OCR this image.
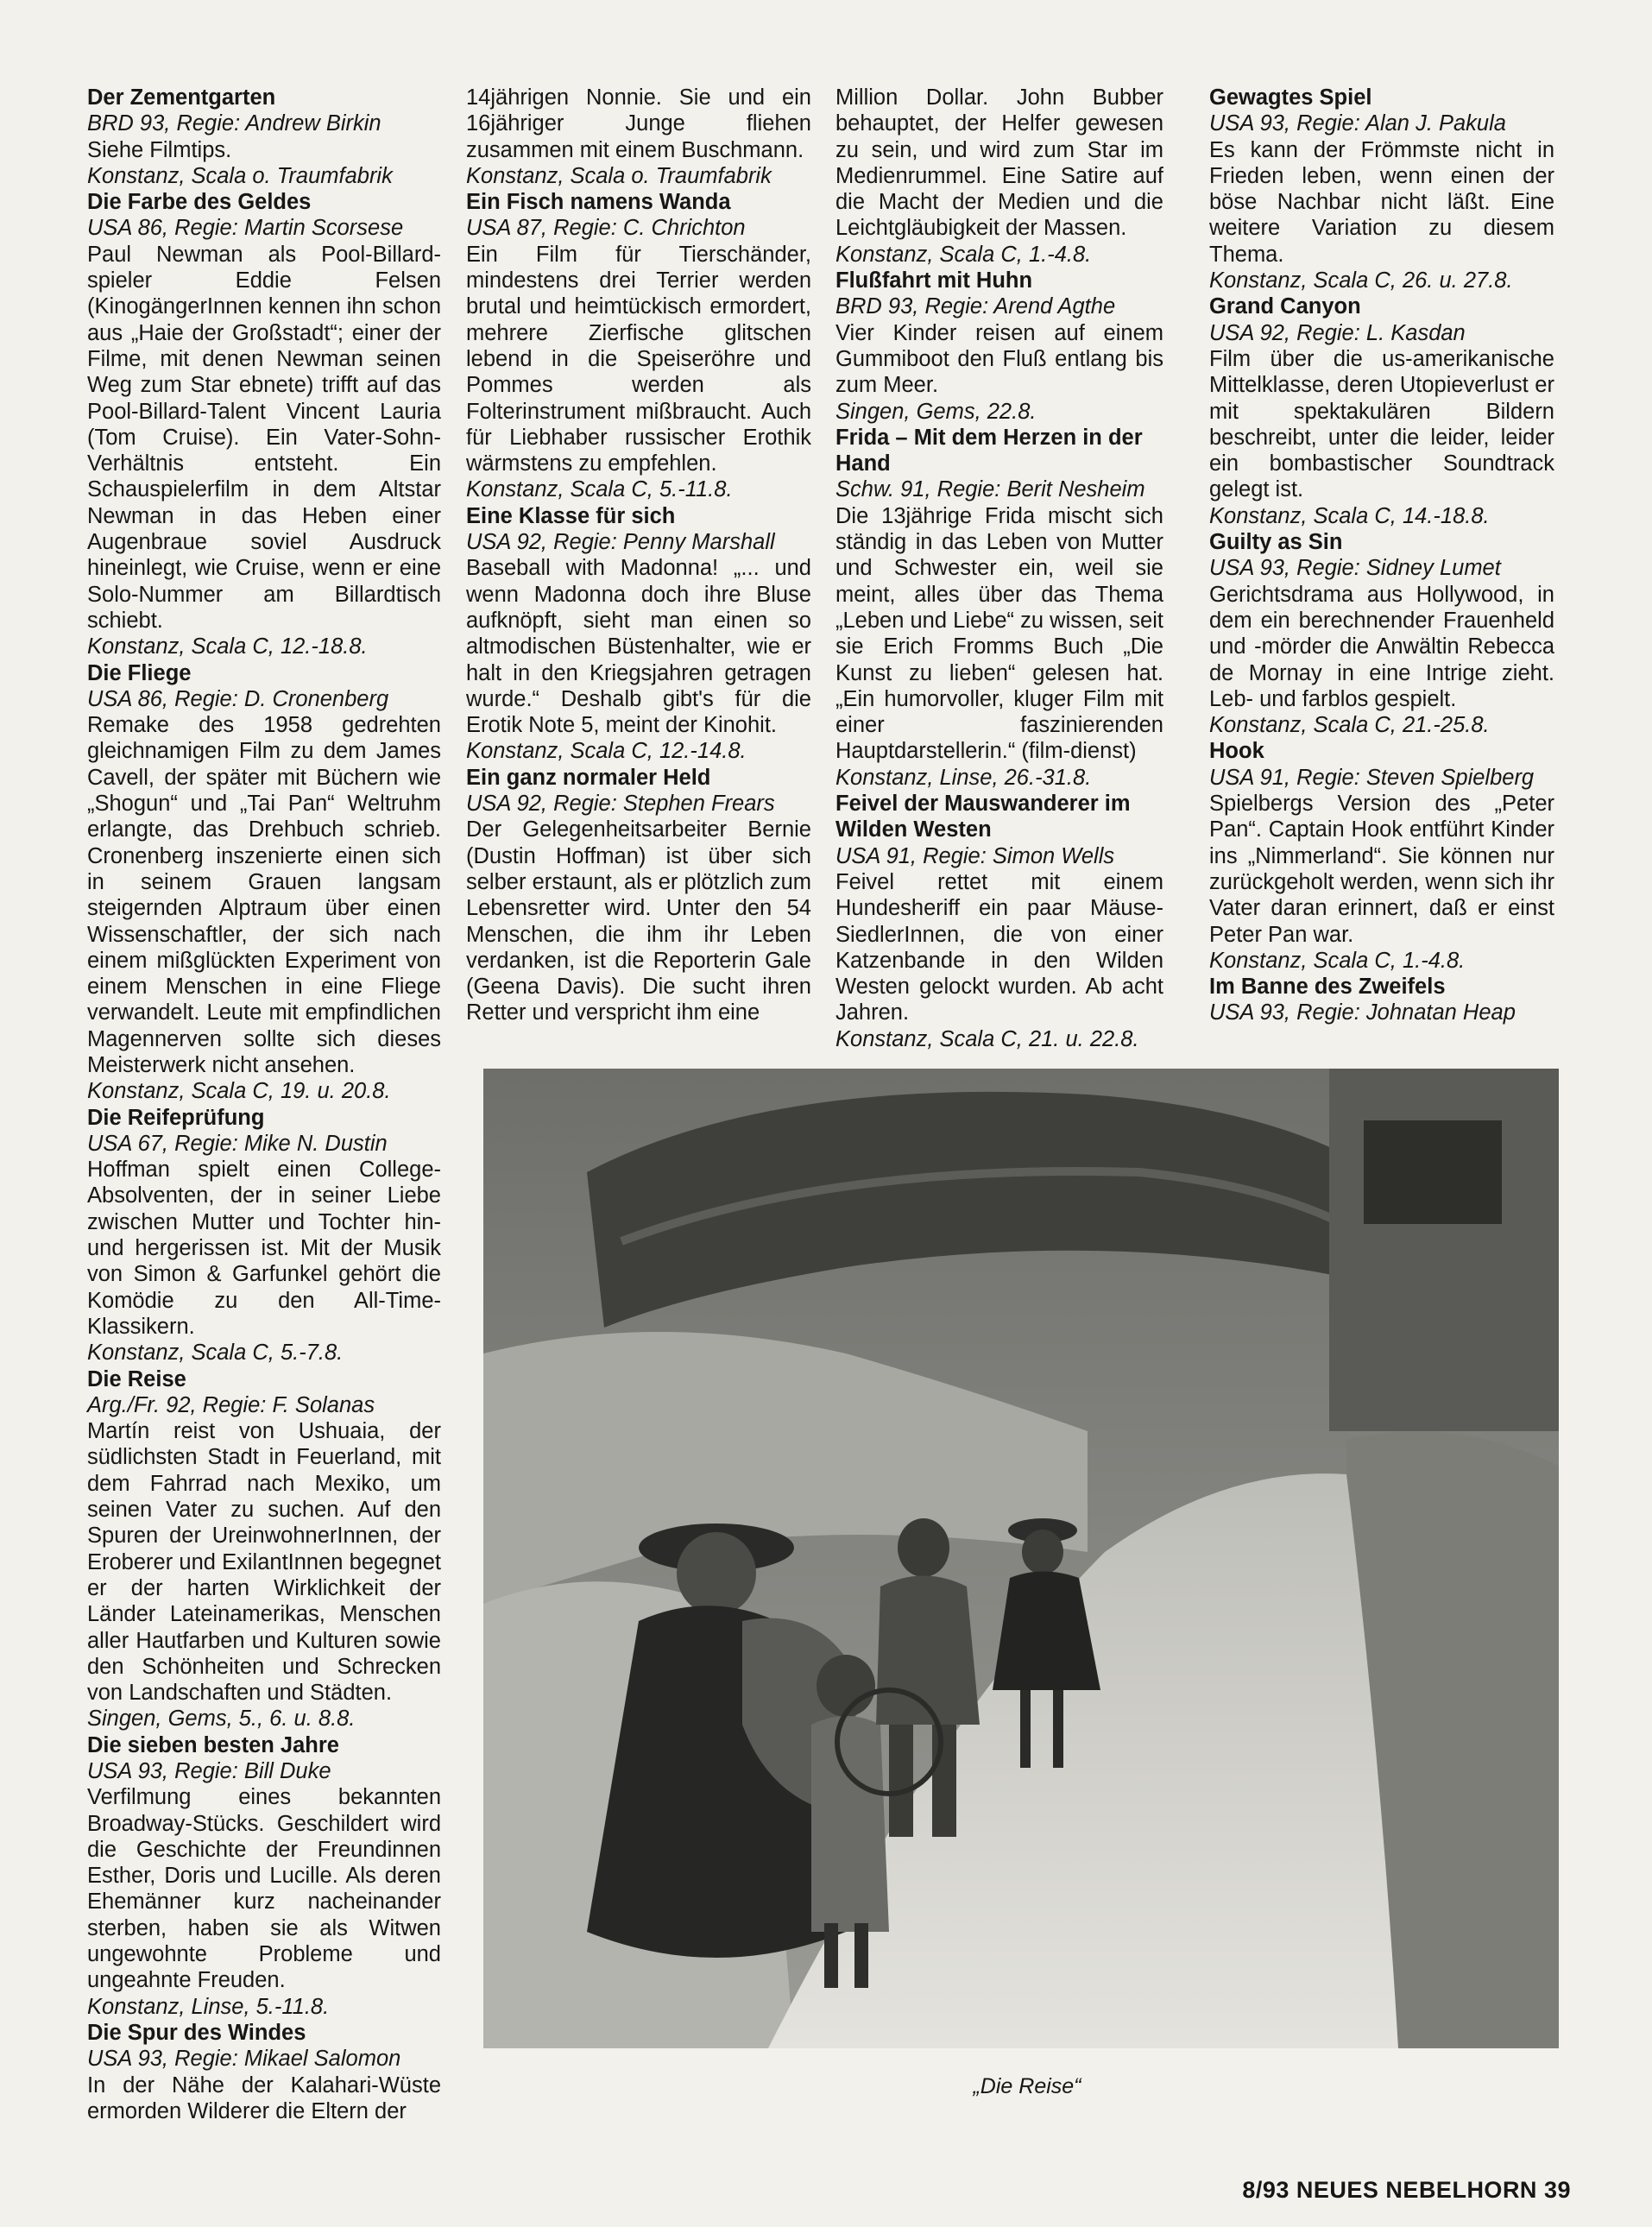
Der Zementgarten
BRD 93, Regie: Andrew Birkin
Siehe Filmtips.
Konstanz, Scala o. Traumfabrik
Die Farbe des Geldes
USA 86, Regie: Martin Scorsese
Paul Newman als Pool-Billard-spieler Eddie Felsen (KinogängerInnen kennen ihn schon aus „Haie der Großstadt“; einer der Filme, mit denen Newman seinen Weg zum Star ebnete) trifft auf das Pool-Billard-Talent Vincent Lauria (Tom Cruise). Ein Vater-Sohn-Verhältnis entsteht. Ein Schauspielerfilm in dem Altstar Newman in das Heben einer Augenbraue soviel Ausdruck hineinlegt, wie Cruise, wenn er eine Solo-Nummer am Billardtisch schiebt.
Konstanz, Scala C, 12.-18.8.
Die Fliege
USA 86, Regie: D. Cronenberg
Remake des 1958 gedrehten gleichnamigen Film zu dem James Cavell, der später mit Büchern wie „Shogun“ und „Tai Pan“ Weltruhm erlangte, das Drehbuch schrieb. Cronenberg inszenierte einen sich in seinem Grauen langsam steigernden Alptraum über einen Wissenschaftler, der sich nach einem mißglückten Experiment von einem Menschen in eine Fliege verwandelt. Leute mit empfindlichen Magennerven sollte sich dieses Meisterwerk nicht ansehen.
Konstanz, Scala C, 19. u. 20.8.
Die Reifeprüfung
USA 67, Regie: Mike N. Dustin
Hoffman spielt einen College-Absolventen, der in seiner Liebe zwischen Mutter und Tochter hin- und hergerissen ist. Mit der Musik von Simon & Garfunkel gehört die Komödie zu den All-Time-Klassikern.
Konstanz, Scala C, 5.-7.8.
Die Reise
Arg./Fr. 92, Regie: F. Solanas
Martín reist von Ushuaia, der südlichsten Stadt in Feuerland, mit dem Fahrrad nach Mexiko, um seinen Vater zu suchen. Auf den Spuren der UreinwohnerInnen, der Eroberer und ExilantInnen begegnet er der harten Wirklichkeit der Länder Lateinamerikas, Menschen aller Hautfarben und Kulturen sowie den Schönheiten und Schrecken von Landschaften und Städten.
Singen, Gems, 5., 6. u. 8.8.
Die sieben besten Jahre
USA 93, Regie: Bill Duke
Verfilmung eines bekannten Broadway-Stücks. Geschildert wird die Geschichte der Freundinnen Esther, Doris und Lucille. Als deren Ehemänner kurz nacheinander sterben, haben sie als Witwen ungewohnte Probleme und ungeahnte Freuden.
Konstanz, Linse, 5.-11.8.
Die Spur des Windes
USA 93, Regie: Mikael Salomon
In der Nähe der Kalahari-Wüste ermorden Wilderer die Eltern der
14jährigen Nonnie. Sie und ein 16jähriger Junge fliehen zusammen mit einem Buschmann.
Konstanz, Scala o. Traumfabrik
Ein Fisch namens Wanda
USA 87, Regie: C. Chrichton
Ein Film für Tierschänder, mindestens drei Terrier werden brutal und heimtückisch ermordert, mehrere Zierfische glitschen lebend in die Speiseröhre und Pommes werden als Folterinstrument mißbraucht. Auch für Liebhaber russischer Erothik wärmstens zu empfehlen.
Konstanz, Scala C, 5.-11.8.
Eine Klasse für sich
USA 92, Regie: Penny Marshall
Baseball with Madonna! „... und wenn Madonna doch ihre Bluse aufknöpft, sieht man einen so altmodischen Büstenhalter, wie er halt in den Kriegsjahren getragen wurde.“ Deshalb gibt's für die Erotik Note 5, meint der Kinohit.
Konstanz, Scala C, 12.-14.8.
Ein ganz normaler Held
USA 92, Regie: Stephen Frears
Der Gelegenheitsarbeiter Bernie (Dustin Hoffman) ist über sich selber erstaunt, als er plötzlich zum Lebensretter wird. Unter den 54 Menschen, die ihm ihr Leben verdanken, ist die Reporterin Gale (Geena Davis). Die sucht ihren Retter und verspricht ihm eine
Million Dollar. John Bubber behauptet, der Helfer gewesen zu sein, und wird zum Star im Medienrummel. Eine Satire auf die Macht der Medien und die Leichtgläubigkeit der Massen.
Konstanz, Scala C, 1.-4.8.
Flußfahrt mit Huhn
BRD 93, Regie: Arend Agthe
Vier Kinder reisen auf einem Gummiboot den Fluß entlang bis zum Meer.
Singen, Gems, 22.8.
Frida – Mit dem Herzen in der Hand
Schw. 91, Regie: Berit Nesheim
Die 13jährige Frida mischt sich ständig in das Leben von Mutter und Schwester ein, weil sie meint, alles über das Thema „Leben und Liebe“ zu wissen, seit sie Erich Fromms Buch „Die Kunst zu lieben“ gelesen hat. „Ein humorvoller, kluger Film mit einer faszinierenden Hauptdarstellerin.“ (film-dienst)
Konstanz, Linse, 26.-31.8.
Feivel der Mauswanderer im Wilden Westen
USA 91, Regie: Simon Wells
Feivel rettet mit einem Hundesheriff ein paar Mäuse-SiedlerInnen, die von einer Katzenbande in den Wilden Westen gelockt wurden. Ab acht Jahren.
Konstanz, Scala C, 21. u. 22.8.
Gewagtes Spiel
USA 93, Regie: Alan J. Pakula
Es kann der Frömmste nicht in Frieden leben, wenn einen der böse Nachbar nicht läßt. Eine weitere Variation zu diesem Thema.
Konstanz, Scala C, 26. u. 27.8.
Grand Canyon
USA 92, Regie: L. Kasdan
Film über die us-amerikanische Mittelklasse, deren Utopieverlust er mit spektakulären Bildern beschreibt, unter die leider, leider ein bombastischer Soundtrack gelegt ist.
Konstanz, Scala C, 14.-18.8.
Guilty as Sin
USA 93, Regie: Sidney Lumet
Gerichtsdrama aus Hollywood, in dem ein berechnender Frauenheld und -mörder die Anwältin Rebecca de Mornay in eine Intrige zieht. Leb- und farblos gespielt.
Konstanz, Scala C, 21.-25.8.
Hook
USA 91, Regie: Steven Spielberg
Spielbergs Version des „Peter Pan“. Captain Hook entführt Kinder ins „Nimmerland“. Sie können nur zurückgeholt werden, wenn sich ihr Vater daran erinnert, daß er einst Peter Pan war.
Konstanz, Scala C, 1.-4.8.
Im Banne des Zweifels
USA 93, Regie: Johnatan Heap
„Die Reise“
8/93 NEUES NEBELHORN 39
